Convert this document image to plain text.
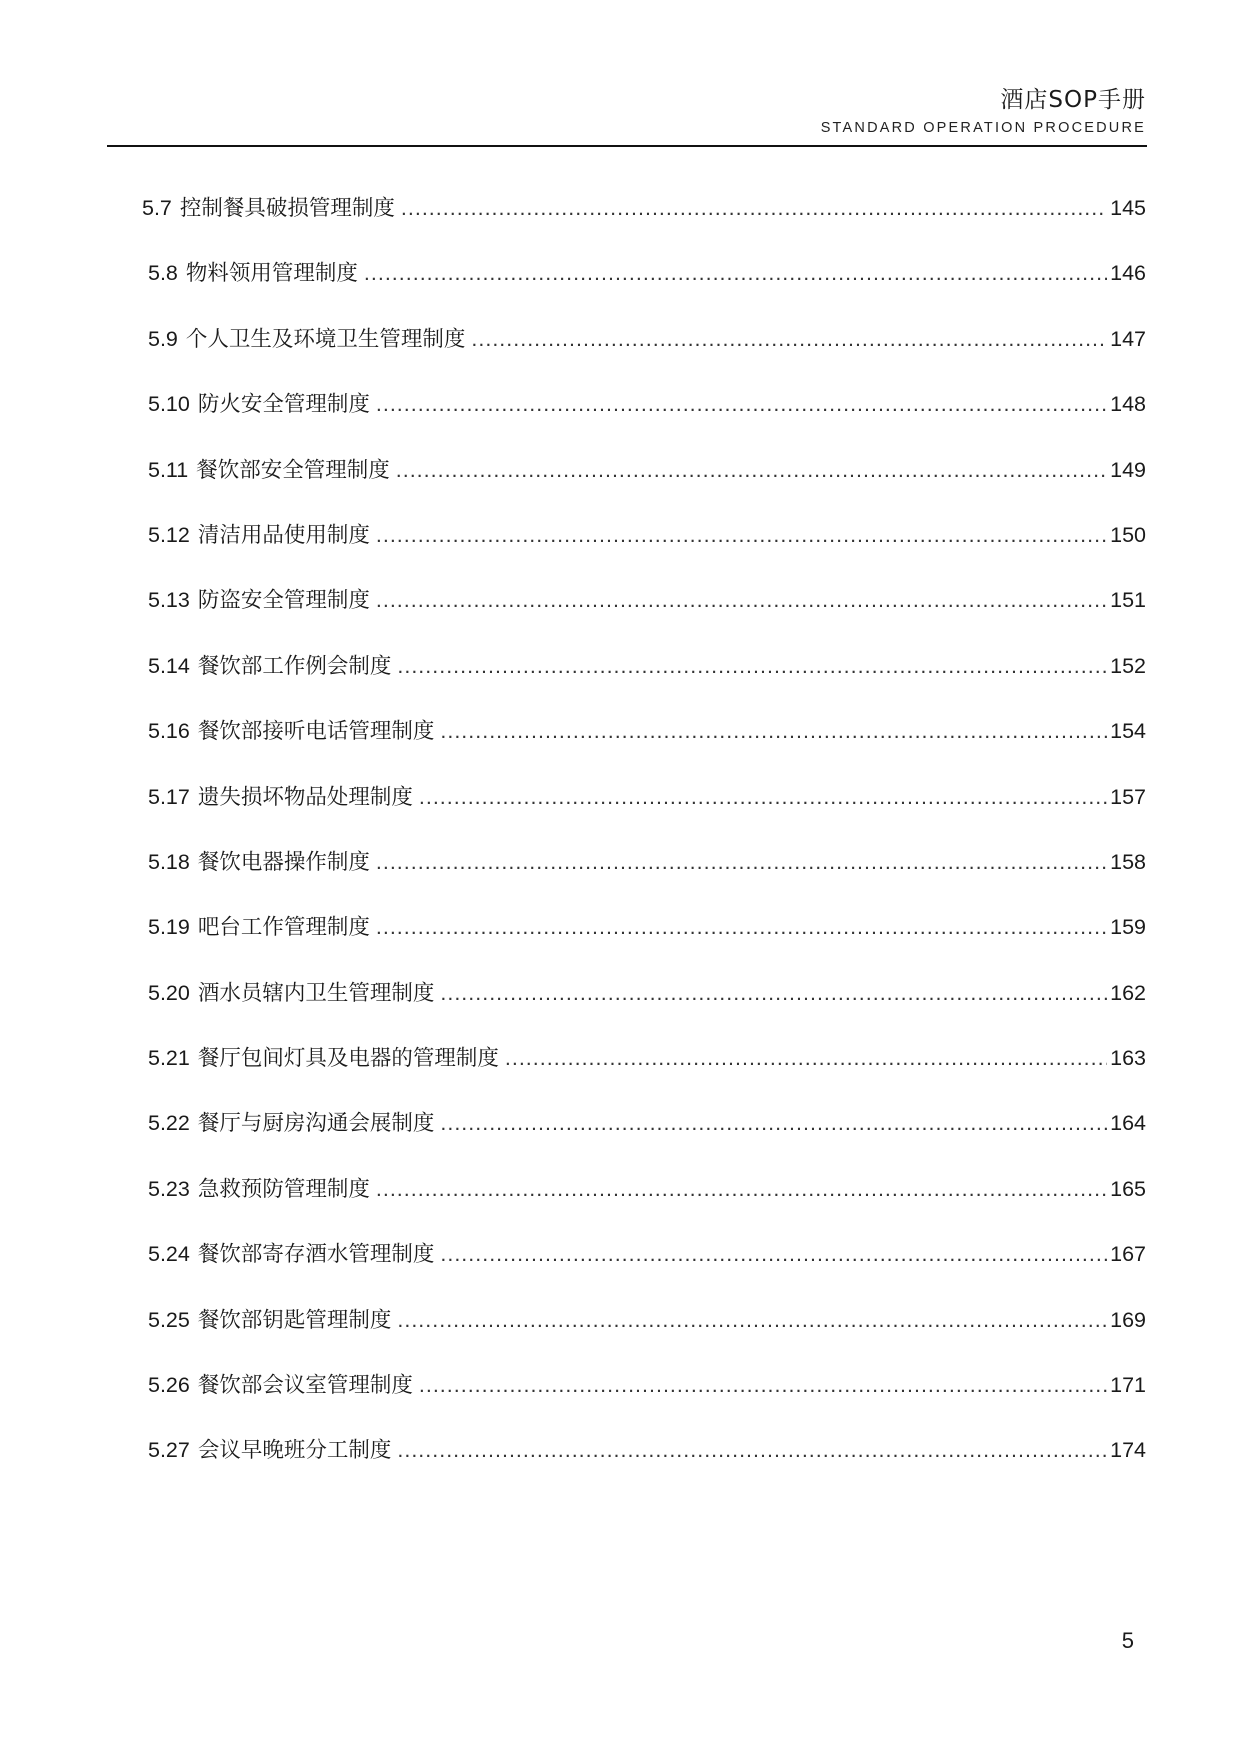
酒店SOP手册
STANDARD OPERATION PROCEDURE
5.7 控制餐具破损管理制度 .....	145
5.8 物料领用管理制度 .....	146
5.9 个人卫生及环境卫生管理制度 .....	147
5.10 防火安全管理制度 .....	148
5.11 餐饮部安全管理制度 .....	149
5.12 清洁用品使用制度 .....	150
5.13 防盗安全管理制度 .....	151
5.14 餐饮部工作例会制度 .....	152
5.16 餐饮部接听电话管理制度 .....	154
5.17 遗失损坏物品处理制度 .....	157
5.18 餐饮电器操作制度 .....	158
5.19 吧台工作管理制度 .....	159
5.20 酒水员辖内卫生管理制度 .....	162
5.21 餐厅包间灯具及电器的管理制度 .....	163
5.22 餐厅与厨房沟通会展制度 .....	164
5.23 急救预防管理制度 .....	165
5.24 餐饮部寄存酒水管理制度 .....	167
5.25 餐饮部钥匙管理制度 .....	169
5.26 餐饮部会议室管理制度 .....	171
5.27 会议早晚班分工制度 .....	174
5
